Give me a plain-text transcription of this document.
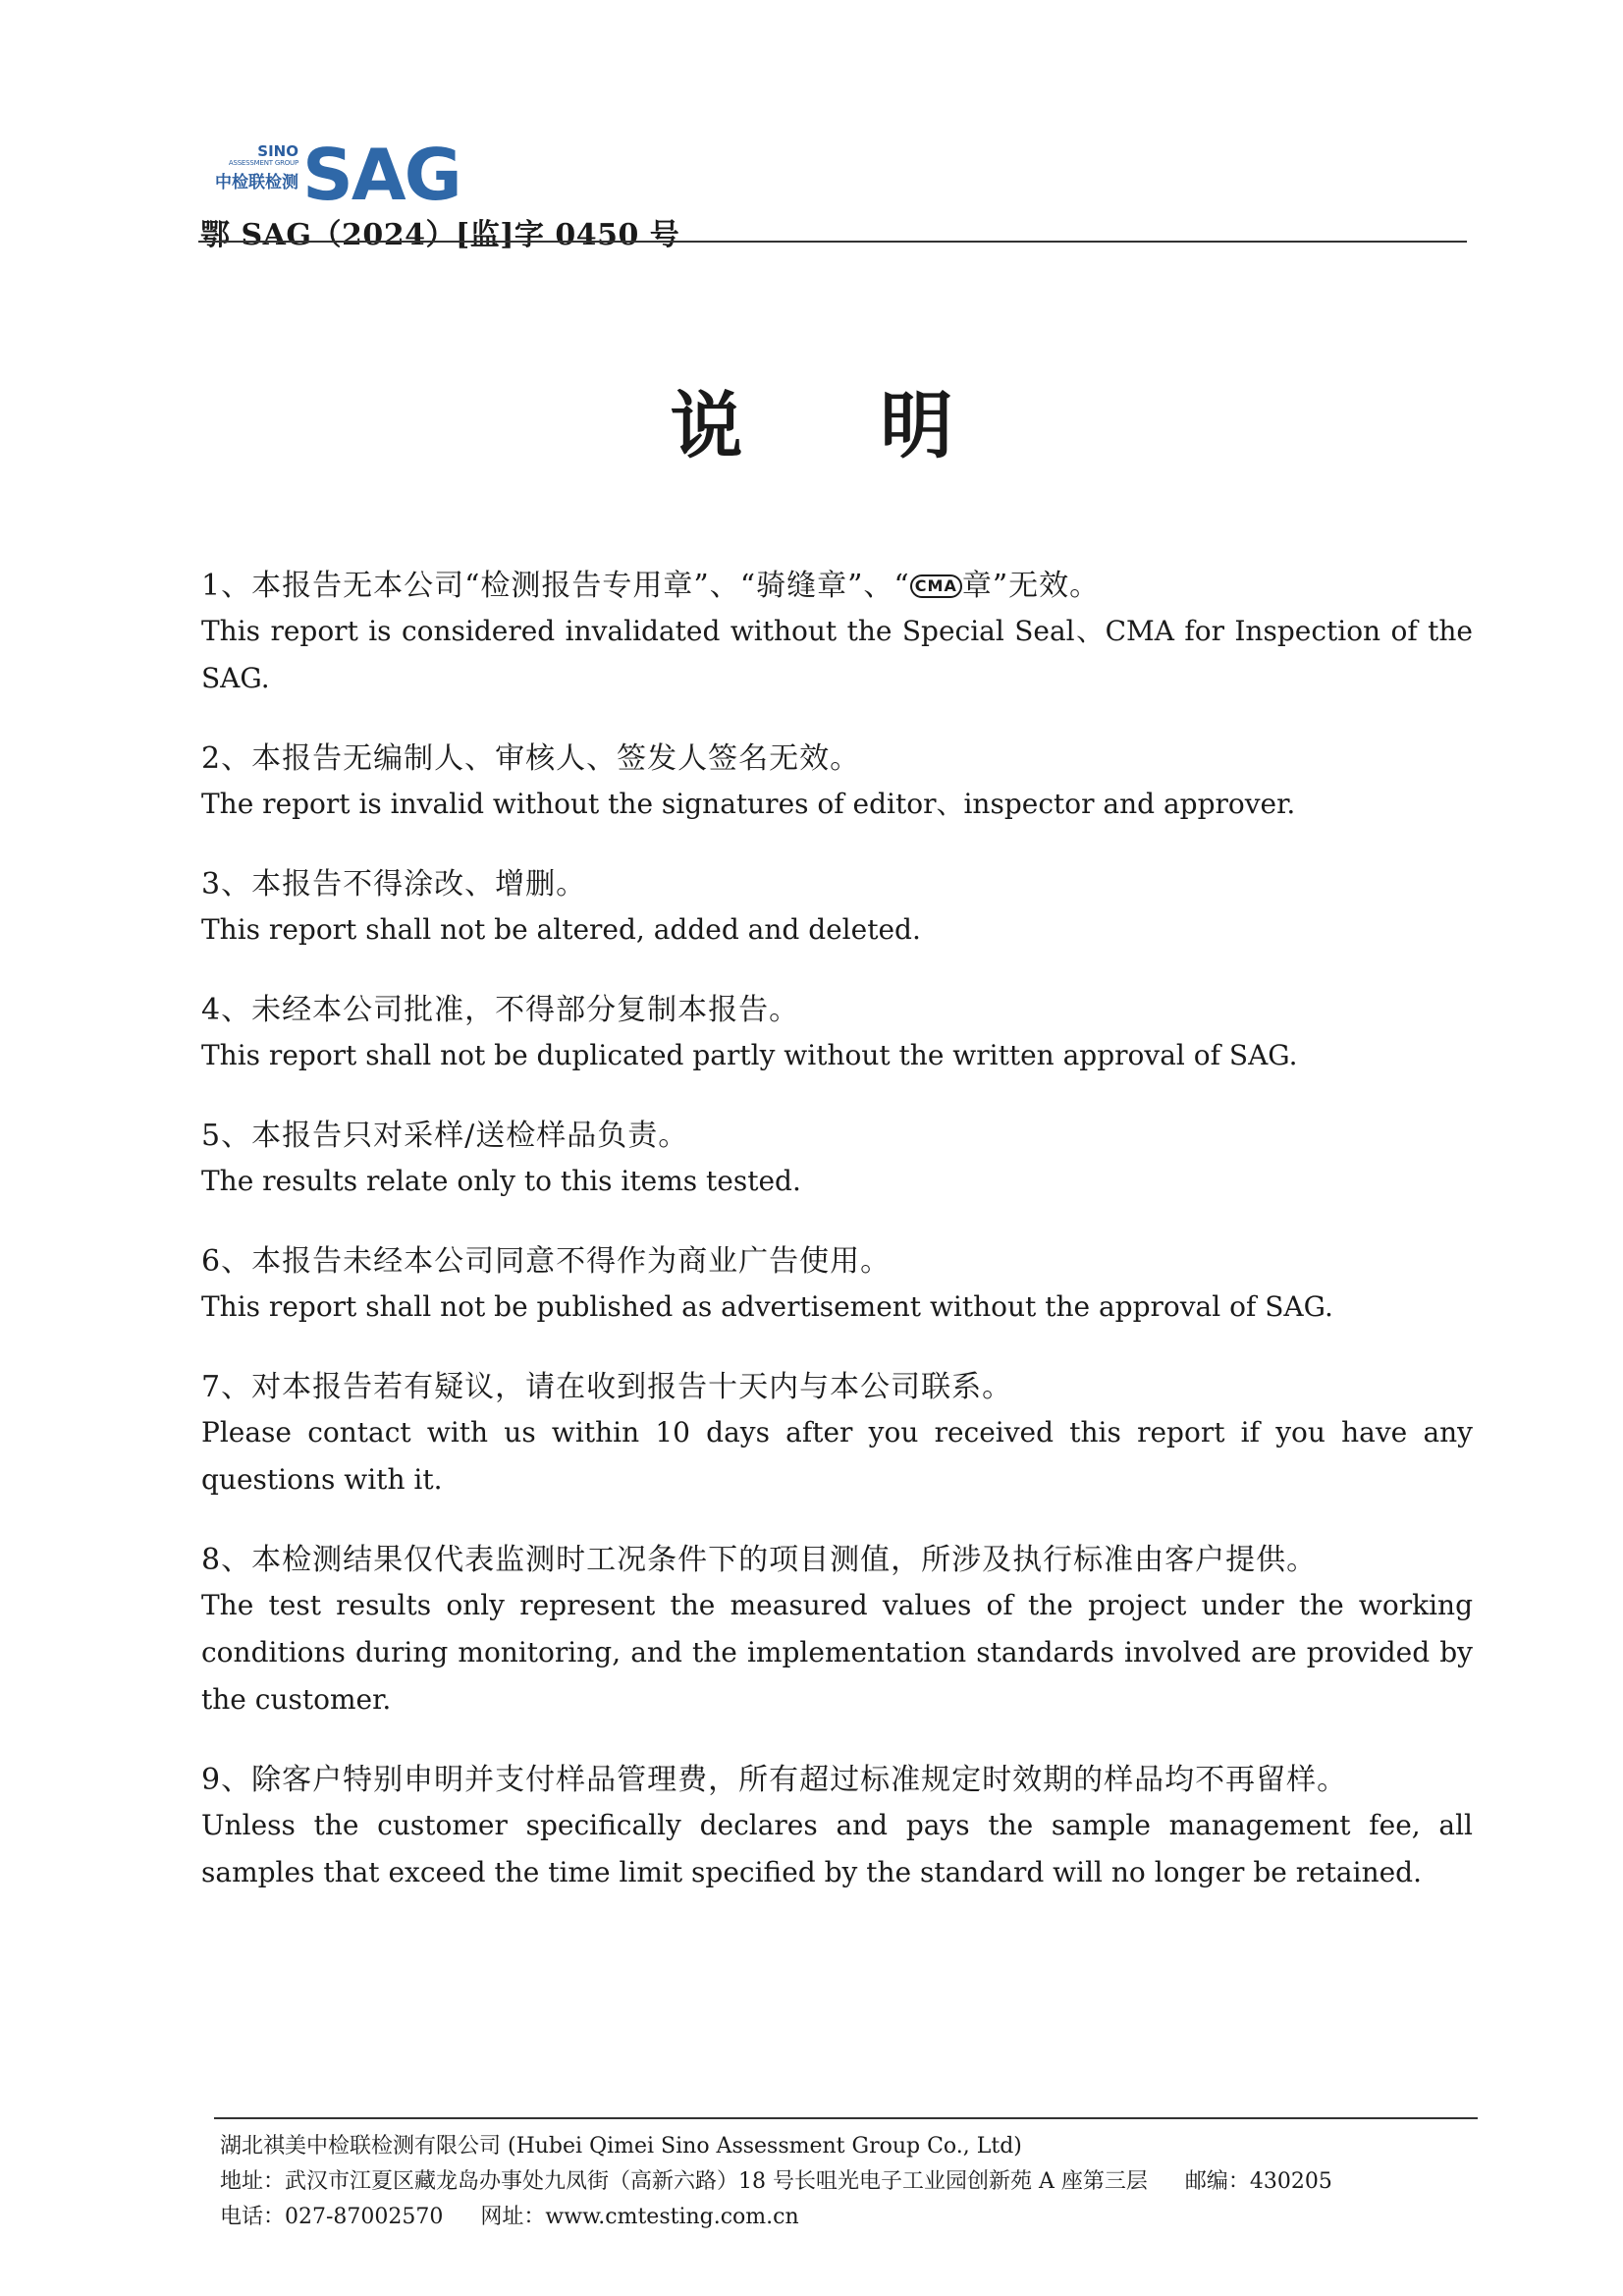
SINO
ASSESSMENT GROUP
中检联检测 SAG
鄂 SAG（2024）[监]字 0450 号
说明
1、本报告无本公司“检测报告专用章”、“骑缝章”、“ CMA 章”无效。
This report is considered invalidated without the Special Seal、CMA for Inspection of the SAG.
2、本报告无编制人、审核人、签发人签名无效。
The report is invalid without the signatures of editor、inspector and approver.
3、本报告不得涂改、增删。
This report shall not be altered, added and deleted.
4、未经本公司批准，不得部分复制本报告。
This report shall not be duplicated partly without the written approval of SAG.
5、本报告只对采样/送检样品负责。
The results relate only to this items tested.
6、本报告未经本公司同意不得作为商业广告使用。
This report shall not be published as advertisement without the approval of SAG.
7、对本报告若有疑议，请在收到报告十天内与本公司联系。
Please contact with us within 10 days after you received this report if you have any questions with it.
8、本检测结果仅代表监测时工况条件下的项目测值，所涉及执行标准由客户提供。
The test results only represent the measured values of the project under the working conditions during monitoring, and the implementation standards involved are provided by the customer.
9、除客户特别申明并支付样品管理费，所有超过标准规定时效期的样品均不再留样。
Unless the customer specifically declares and pays the sample management fee, all samples that exceed the time limit specified by the standard will no longer be retained.
湖北祺美中检联检测有限公司 (Hubei Qimei Sino Assessment Group Co., Ltd)
地址：武汉市江夏区藏龙岛办事处九凤街（高新六路）18 号长咀光电子工业园创新苑 A 座第三层 邮编：430205
电话：027-87002570 网址：www.cmtesting.com.cn
